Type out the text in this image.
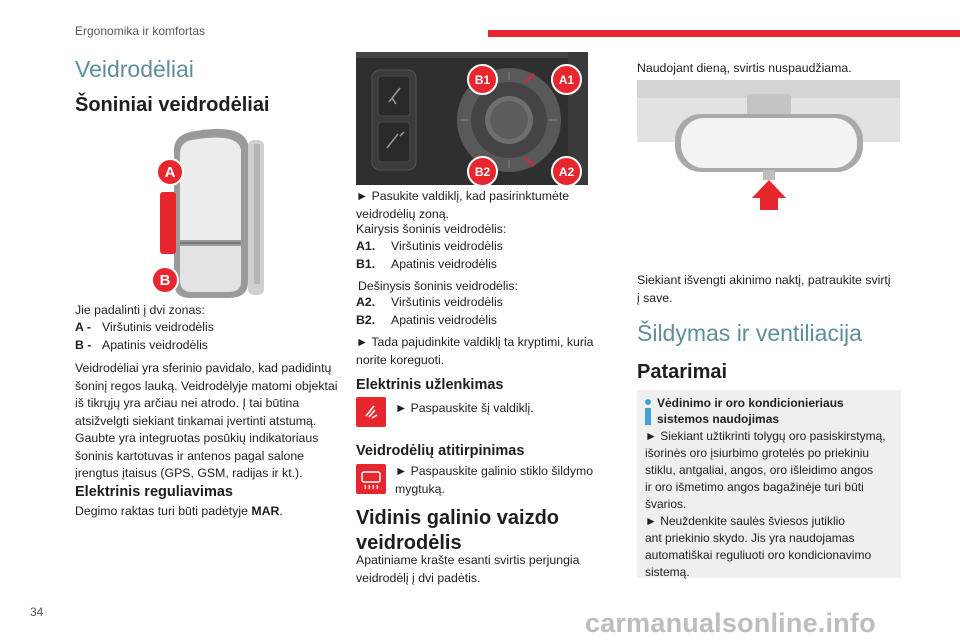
Ergonomika ir komfortas
Veidrodėliai
Šoniniai veidrodėliai
A
B
Jie padalinti į dvi zonas:
A - Viršutinis veidrodėlis
B - Apatinis veidrodėlis
Veidrodėliai yra sferinio pavidalo, kad padidintų
šoninį regos lauką. Veidrodėlyje matomi objektai
iš tikrųjų yra arčiau nei atrodo. Į tai būtina
atsižvelgti siekiant tinkamai įvertinti atstumą.
Gaubte yra integruotas posūkių indikatoriaus
šoninis kartotuvas ir antenos pagal salone
įrengtus įtaisus (GPS, GSM, radijas ir kt.).
Elektrinis reguliavimas
Degimo raktas turi būti padėtyje MAR.
B1	A1
B2	A2
► Pasukite valdiklį, kad pasirinktumėte
veidrodėlių zoną.
Kairysis šoninis veidrodėlis:
A1.	Viršutinis veidrodėlis
B1.	Apatinis veidrodėlis
Dešinysis šoninis veidrodėlis:
A2.	Viršutinis veidrodėlis
B2.	Apatinis veidrodėlis
► Tada pajudinkite valdiklį ta kryptimi, kuria
norite koreguoti.
Elektrinis užlenkimas
► Paspauskite šį valdiklį.
Veidrodėlių atitirpinimas
► Paspauskite galinio stiklo šildymo
mygtuką.
Vidinis galinio vaizdo
veidrodėlis
Apatiniame krašte esanti svirtis perjungia
veidrodėlį į dvi padėtis.
Naudojant dieną, svirtis nuspaudžiama.
Siekiant išvengti akinimo naktį, patraukite svirtį
į save.
Šildymas ir ventiliacija
Patarimai
Vėdinimo ir oro kondicionieriaus
sistemos naudojimas
► Siekiant užtikrinti tolygų oro pasiskirstymą,
išorinės oro įsiurbimo grotelės po priekiniu
stiklu, antgaliai, angos, oro išleidimo angos
ir oro išmetimo angos bagažinėje turi būti
švarios.
► Neuždenkite saulės šviesos jutiklio
ant priekinio skydo. Jis yra naudojamas
automatiškai reguliuoti oro kondicionavimo
sistemą.
34	carmanualsonline.info
